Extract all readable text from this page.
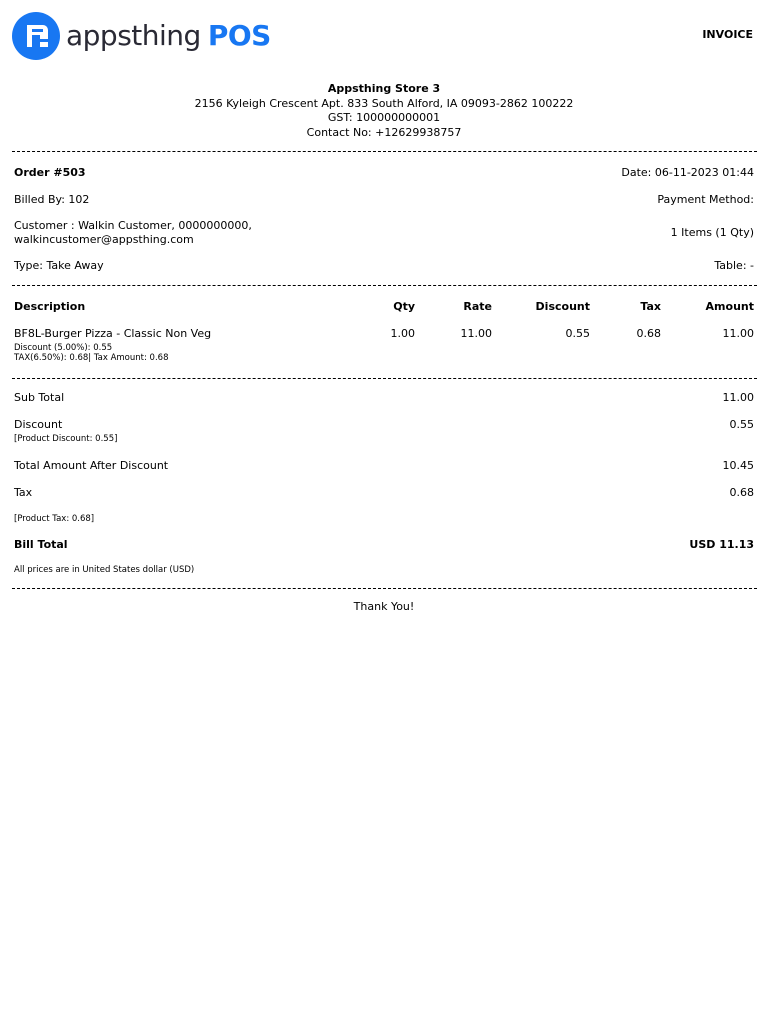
appsthing POS	INVOICE
Appsthing Store 3
2156 Kyleigh Crescent Apt. 833 South Alford, IA 09093-2862 100222
GST: 100000000001
Contact No: +12629938757
Order #503	Date: 06-11-2023 01:44
Billed By: 102	Payment Method:
Customer : Walkin Customer, 0000000000,
walkincustomer@appsthing.com
1 Items (1 Qty)
Type: Take Away	Table: -
Description	Qty	Rate	Discount	Tax	Amount
BF8L-Burger Pizza - Classic Non Veg	1.00	11.00	0.55	0.68	11.00
Discount (5.00%): 0.55
TAX(6.50%): 0.68| Tax Amount: 0.68
Sub Total	11.00
Discount	0.55
[Product Discount: 0.55]
Total Amount After Discount	10.45
Tax	0.68
[Product Tax: 0.68]
Bill Total	USD 11.13
All prices are in United States dollar (USD)
Thank You!
